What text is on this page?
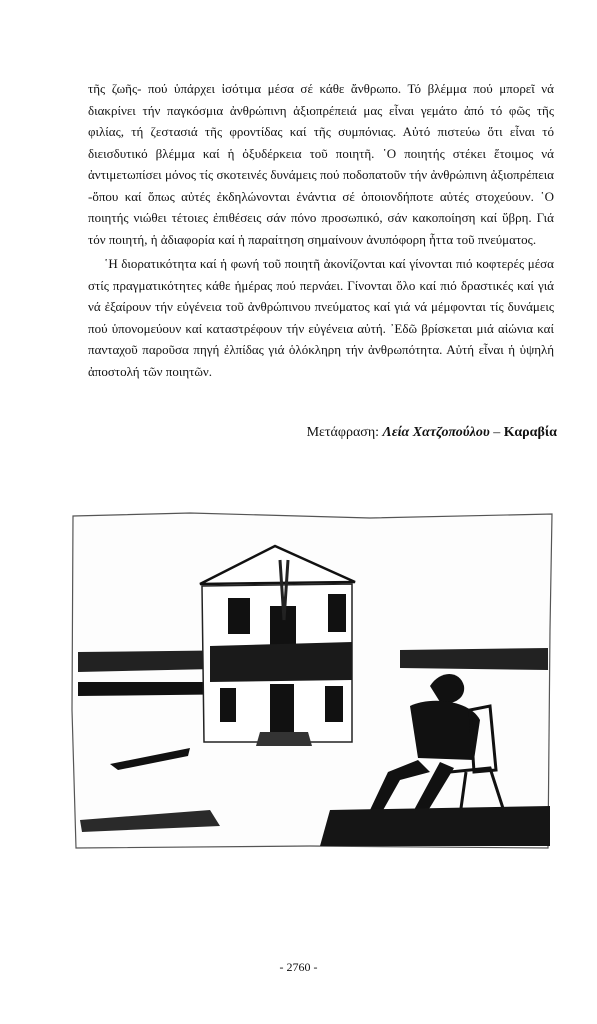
τῆς ζωῆς- πού ὑπάρχει ἰσότιμα μέσα σέ κάθε ἄνθρωπο. Τό βλέμμα πού μπορεῖ νά διακρίνει τήν παγκόσμια ἀνθρώπινη ἀξιοπρέπειά μας εἶναι γεμάτο ἀπό τό φῶς τῆς φιλίας, τή ζεστασιά τῆς φροντίδας καί τῆς συμπόνιας. Αὐτό πιστεύω ὅτι εἶναι τό διεισδυτικό βλέμμα καί ἡ ὀξυδέρκεια τοῦ ποιητῆ. ῾Ο ποιητής στέκει ἕτοιμος νά ἀντιμετωπίσει μόνος τίς σκοτεινές δυνάμεις πού ποδοπατοῦν τήν ἀνθρώπινη ἀξιοπρέπεια -ὅπου καί ὅπως αὐτές ἐκδηλώνονται ἐνάντια σέ ὁποιονδήποτε αὐτές στοχεύουν. ῾Ο ποιητής νιώθει τέτοιες ἐπιθέσεις σάν πόνο προσωπικό, σάν κακοποίηση καί ὕβρη. Γιά τόν ποιητή, ἡ ἀδιαφορία καί ἡ παραίτηση σημαίνουν ἀνυπόφορη ἧττα τοῦ πνεύματος.

῾Η διορατικότητα καί ἡ φωνή τοῦ ποιητῆ ἀκονίζονται καί γίνονται πιό κοφτερές μέσα στίς πραγματικότητες κάθε ἡμέρας πού περνάει. Γίνονται ὅλο καί πιό δραστικές καί γιά νά ἐξαίρουν τήν εὐγένεια τοῦ ἀνθρώπινου πνεύματος καί γιά νά μέμφονται τίς δυνάμεις πού ὑπονομεύουν καί καταστρέφουν τήν εὐγένεια αὐτή. ᾿Εδῶ βρίσκεται μιά αἰώνια καί πανταχοῦ παροῦσα πηγή ἐλπίδας γιά ὁλόκληρη τήν ἀνθρωπότητα. Αὐτή εἶναι ἡ ὑψηλή ἀποστολή τῶν ποιητῶν.

Μετάφραση: Λεία Χατζοπούλου – Καραβία
- 2760 -
